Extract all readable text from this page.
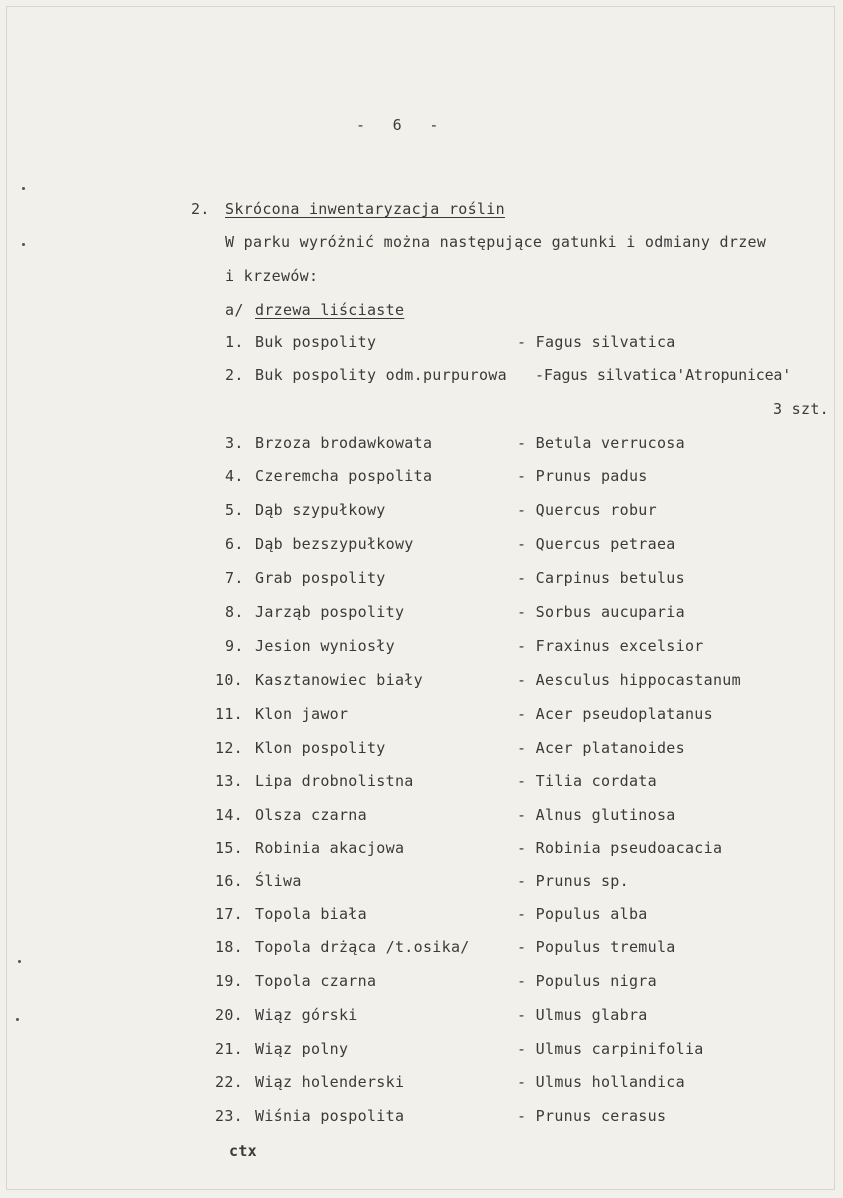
- 6 -
2. Skrócona inwentaryzacja roślin
W parku wyróżnić można następujące gatunki i odmiany drzew
i krzewów:
a/ drzewa liściaste
1. Buk pospolity	- Fagus silvatica
2. Buk pospolity odm.purpurowa -Fagus silvatica'Atropunicea'
3 szt.
3. Brzoza brodawkowata	- Betula verrucosa
4. Czeremcha pospolita	- Prunus padus
5. Dąb szypułkowy	- Quercus robur
6. Dąb bezszypułkowy	- Quercus petraea
7. Grab pospolity	- Carpinus betulus
8. Jarząb pospolity	- Sorbus aucuparia
9. Jesion wyniosły	- Fraxinus excelsior
10. Kasztanowiec biały	- Aesculus hippocastanum
11. Klon jawor	- Acer pseudoplatanus
12. Klon pospolity	- Acer platanoides
13. Lipa drobnolistna	- Tilia cordata
14. Olsza czarna	- Alnus glutinosa
15. Robinia akacjowa	- Robinia pseudoacacia
16. Śliwa	- Prunus sp.
17. Topola biała	- Populus alba
18. Topola drżąca /t.osika/	- Populus tremula
19. Topola czarna	- Populus nigra
20. Wiąz górski	- Ulmus glabra
21. Wiąz polny	- Ulmus carpinifolia
22. Wiąz holenderski	- Ulmus hollandica
23. Wiśnia pospolita	- Prunus cerasus
ctx
